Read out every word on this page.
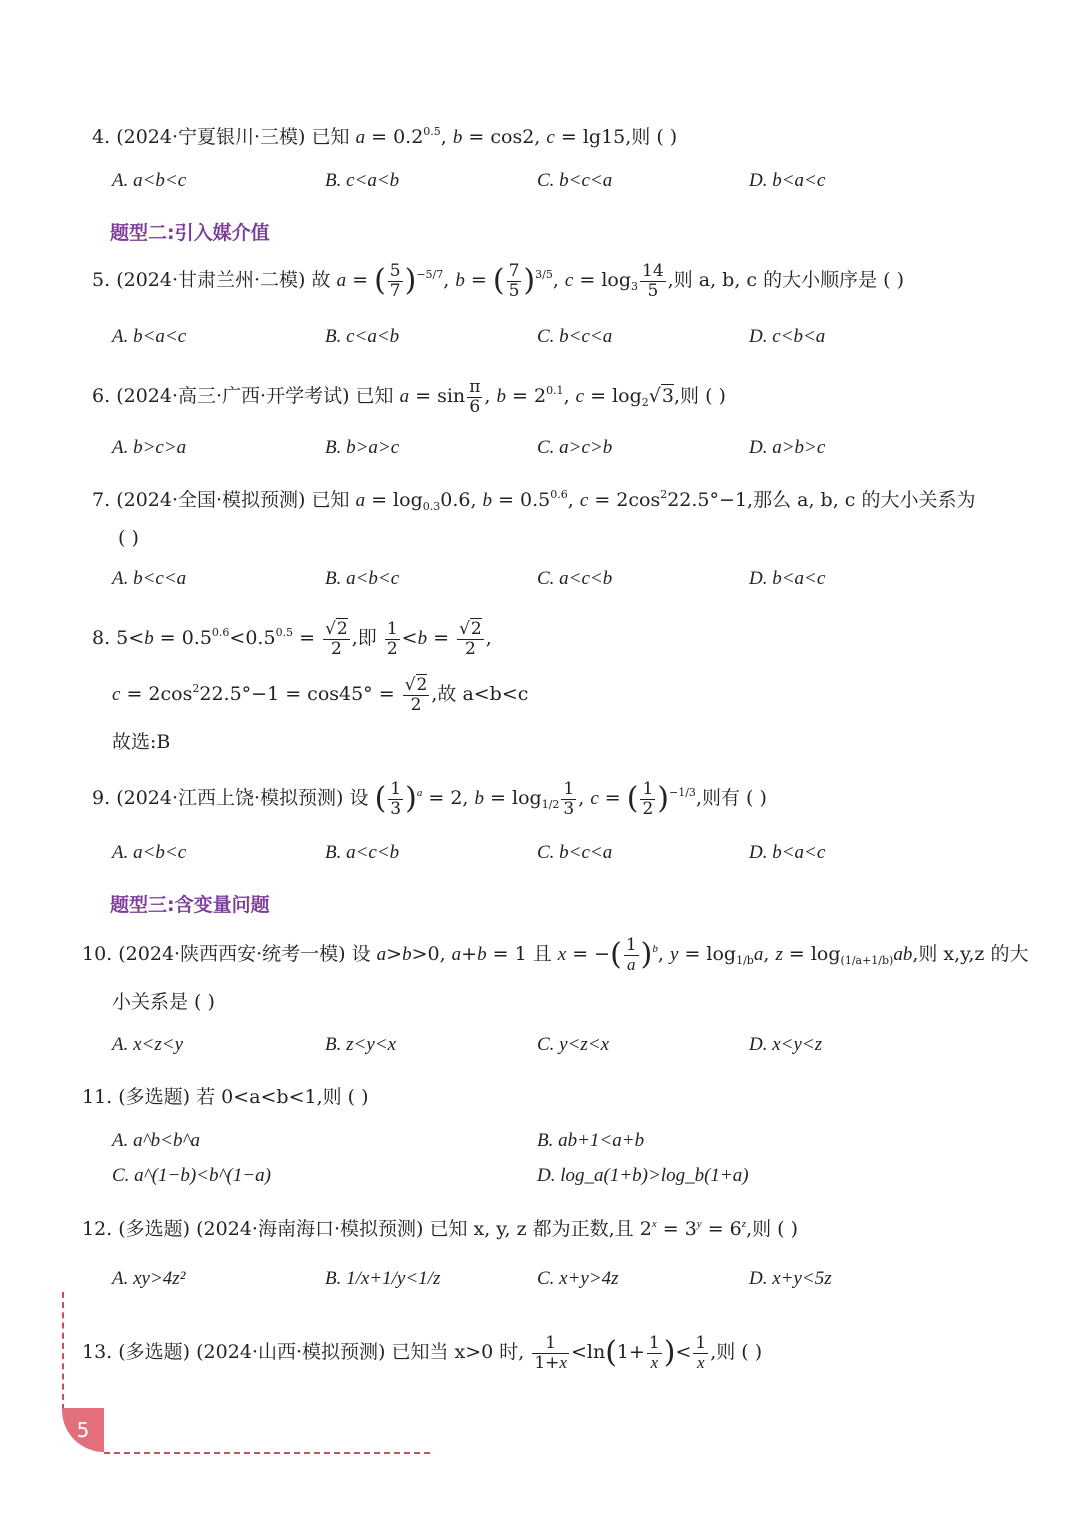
4. (2024·宁夏银川·三模) 已知 $a = 0.2^{0.5}$, b = cos2, c = lg15,则 ( )
A. a<b<c	B. c<a<b	C. b<c<a	D. b<a<c
题型二:引入媒介值
5. (2024·甘肃兰州·二模) 故 a = ( $\frac{5}{7} )^{-5/7}$, b = ( $\frac{7}{5} )^{3/5}$, $c = \log_3 \frac{14}{5}$ ,则 a, b, c 的大小顺序是 ( )
A. b<a<c	B. c<a<b	C. b<c<a	D. c<b<a
6. (2024·高三·广西·开学考试) 已知 $a = \sin \frac{\pi}{6}$ , $b = 2^{0.1}$, $c = \log_2√3$,则 ( )
A. b>c>a	B. b>a>c	C. a>c>b	D. a>b>c
7. (2024·全国·模拟预测) 已知 $a = \log_{0.3}0.6$, $b = 0.5^{0.6}$, $c = 2\cos^222.5^\circ-1$,那么 a, b, c 的大小关系为
( )
A. b<c<a	B. a<b<c	C. a<c<b	D. b<a<c
8. $5<b = 0.5^{0.6}<0.5^{0.5} = \frac{√2}{2}$ ,即 $\frac{1}{2} <b = \frac{√2}{2}$ ,
$c = 2\cos^222.5^\circ-1 = \cos 45^\circ = \frac{√2}{2}$ ,故 a<b<c
故选:B
9. (2024·江西上饶·模拟预测) 设 ( $\frac{1}{3} )^a = 2$, $b = \log_{1/2} \frac{1}{3}$ , c = ( $\frac{1}{2} )^{-1/3}$,则有 ( )
A. a<b<c	B. a<c<b	C. b<c<a	D. b<a<c
题型三:含变量问题
10. (2024·陕西西安·统考一模) 设 a>b>0, a+b = 1 且 x = −( $\frac{1}{a} )^b$, $y = \log_{1/b}a$, $z = \log_{(1/a+1/b)}ab$,则 x,y,z 的大
小关系是 ( )
A. x<z<y	B. z<y<x	C. y<z<x	D. x<y<z
11. (多选题) 若 0<a<b<1,则 ( )
A. a^b<b^a	B. ab+1<a+b
C. a^(1−b)<b^(1−a)	D. log_a(1+b)>log_b(1+a)
12. (多选题) (2024·海南海口·模拟预测) 已知 x, y, z 都为正数,且 $2^x = 3^y = 6^z$,则 ( )
A. xy>4z²	B. 1/x+1/y<1/z	C. x+y>4z	D. x+y<5z
13. (多选题) (2024·山西·模拟预测) 已知当 x>0 时, $\frac{1}{1+x} <\ln(1+ \frac{1}{x}$ )< $\frac{1}{x}$ ,则 ( )
5
